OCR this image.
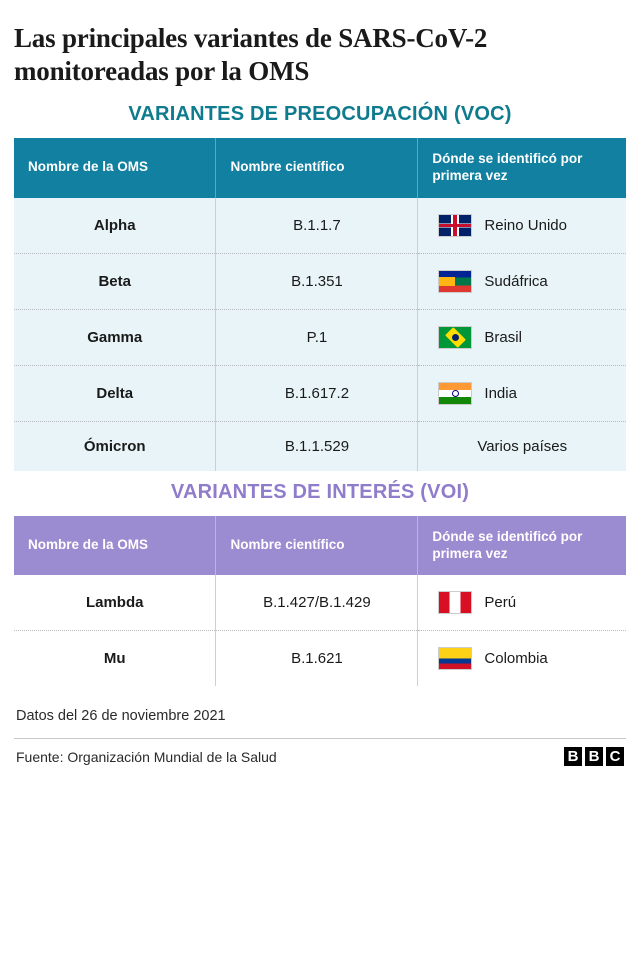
Las principales variantes de SARS-CoV-2 monitoreadas por la OMS
VARIANTES DE PREOCUPACIÓN (VOC)
Nombre de la OMS	Nombre científico	Dónde se identificó por primera vez
Alpha	B.1.1.7	Reino Unido

Beta	B.1.351	Sudáfrica

Gamma	P.1	Brasil

Delta	B.1.617.2	India

Ómicron	B.1.1.529	Varios países
VARIANTES DE INTERÉS (VOI)
Nombre de la OMS	Nombre científico	Dónde se identificó por primera vez
Lambda	B.1.427/B.1.429	Perú

Mu	B.1.621	Colombia
Datos del 26 de noviembre 2021
Fuente: Organización Mundial de la Salud	B B C
